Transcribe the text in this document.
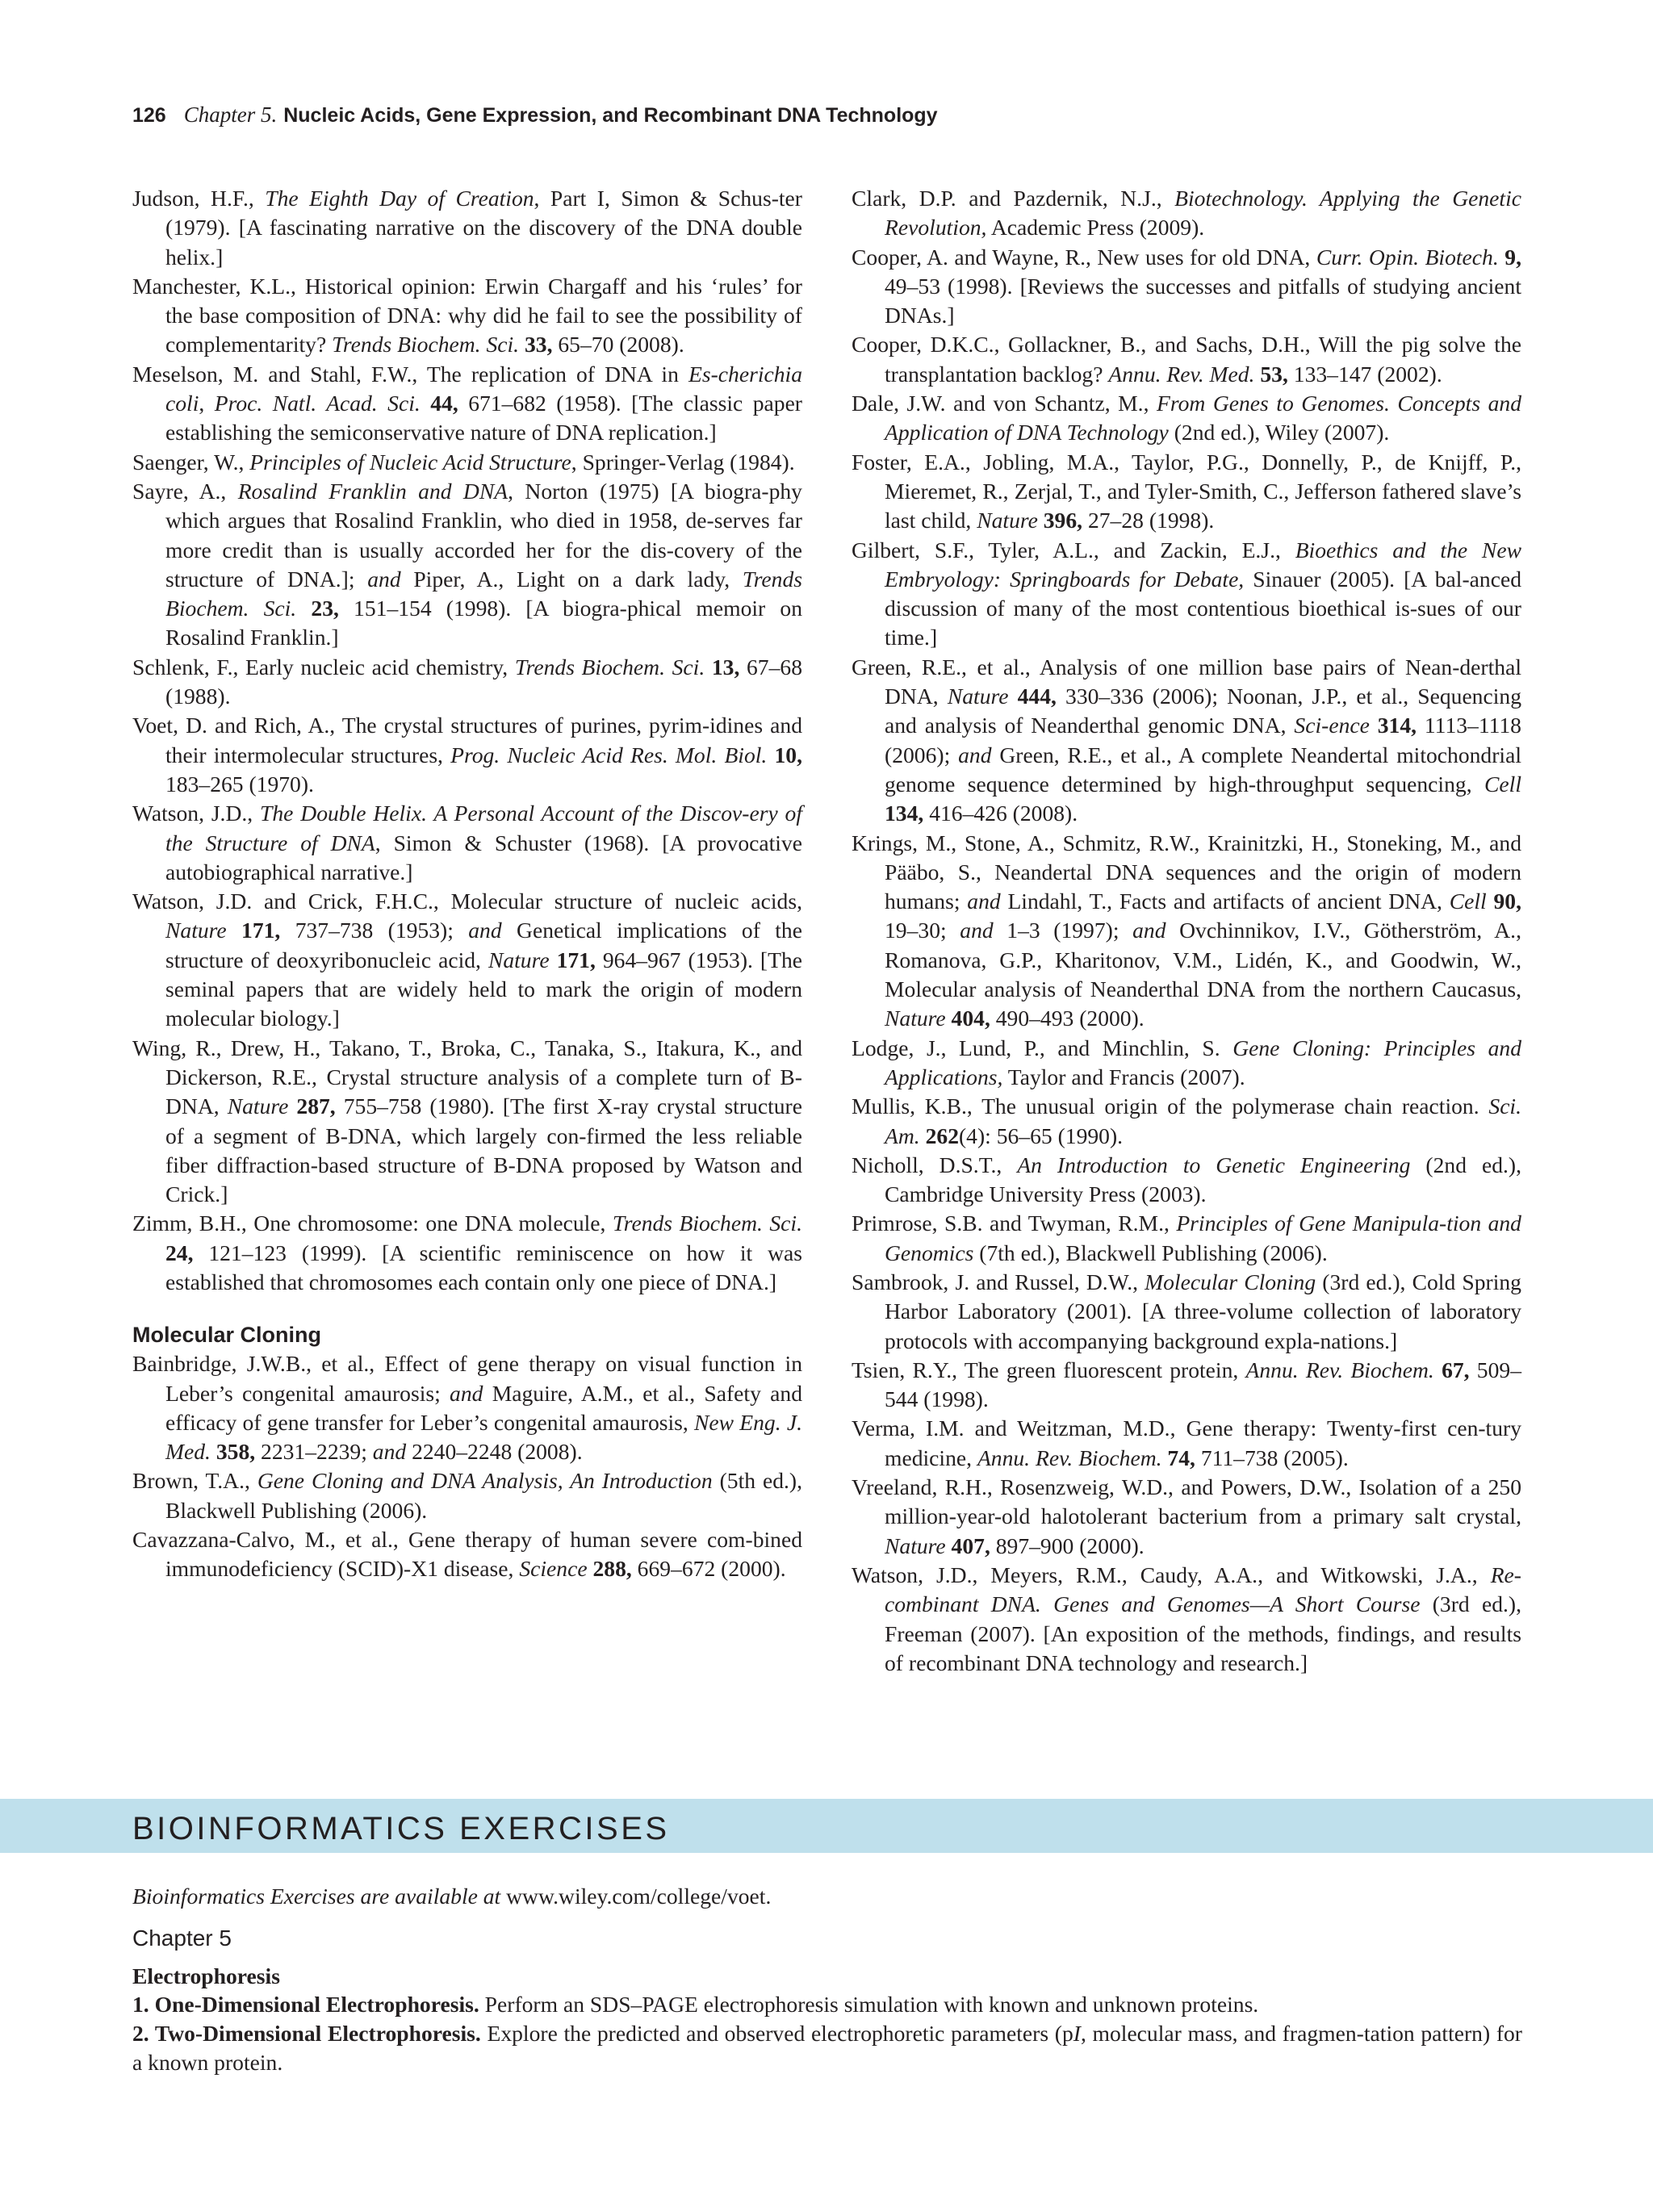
126 Chapter 5. Nucleic Acids, Gene Expression, and Recombinant DNA Technology

Judson, H.F., The Eighth Day of Creation, Part I, Simon & Schus-ter (1979). [A fascinating narrative on the discovery of the DNA double helix.]

Manchester, K.L., Historical opinion: Erwin Chargaff and his ‘rules’ for the base composition of DNA: why did he fail to see the possibility of complementarity? Trends Biochem. Sci. 33, 65–70 (2008).

Meselson, M. and Stahl, F.W., The replication of DNA in Es-cherichia coli, Proc. Natl. Acad. Sci. 44, 671–682 (1958). [The classic paper establishing the semiconservative nature of DNA replication.]

Saenger, W., Principles of Nucleic Acid Structure, Springer-Verlag (1984).

Sayre, A., Rosalind Franklin and DNA, Norton (1975) [A biogra-phy which argues that Rosalind Franklin, who died in 1958, de-serves far more credit than is usually accorded her for the dis-covery of the structure of DNA.]; and Piper, A., Light on a dark lady, Trends Biochem. Sci. 23, 151–154 (1998). [A biogra-phical memoir on Rosalind Franklin.]

Schlenk, F., Early nucleic acid chemistry, Trends Biochem. Sci. 13, 67–68 (1988).

Voet, D. and Rich, A., The crystal structures of purines, pyrim-idines and their intermolecular structures, Prog. Nucleic Acid Res. Mol. Biol. 10, 183–265 (1970).

Watson, J.D., The Double Helix. A Personal Account of the Discov-ery of the Structure of DNA, Simon & Schuster (1968). [A provocative autobiographical narrative.]

Watson, J.D. and Crick, F.H.C., Molecular structure of nucleic acids, Nature 171, 737–738 (1953); and Genetical implications of the structure of deoxyribonucleic acid, Nature 171, 964–967 (1953). [The seminal papers that are widely held to mark the origin of modern molecular biology.]

Wing, R., Drew, H., Takano, T., Broka, C., Tanaka, S., Itakura, K., and Dickerson, R.E., Crystal structure analysis of a complete turn of B-DNA, Nature 287, 755–758 (1980). [The first X-ray crystal structure of a segment of B-DNA, which largely con-firmed the less reliable fiber diffraction-based structure of B-DNA proposed by Watson and Crick.]

Zimm, B.H., One chromosome: one DNA molecule, Trends Biochem. Sci. 24, 121–123 (1999). [A scientific reminiscence on how it was established that chromosomes each contain only one piece of DNA.]

Molecular Cloning

Bainbridge, J.W.B., et al., Effect of gene therapy on visual function in Leber’s congenital amaurosis; and Maguire, A.M., et al., Safety and efficacy of gene transfer for Leber’s congenital amaurosis, New Eng. J. Med. 358, 2231–2239; and 2240–2248 (2008).

Brown, T.A., Gene Cloning and DNA Analysis, An Introduction (5th ed.), Blackwell Publishing (2006).

Cavazzana-Calvo, M., et al., Gene therapy of human severe com-bined immunodeficiency (SCID)-X1 disease, Science 288, 669–672 (2000).

Clark, D.P. and Pazdernik, N.J., Biotechnology. Applying the Genetic Revolution, Academic Press (2009).

Cooper, A. and Wayne, R., New uses for old DNA, Curr. Opin. Biotech. 9, 49–53 (1998). [Reviews the successes and pitfalls of studying ancient DNAs.]

Cooper, D.K.C., Gollackner, B., and Sachs, D.H., Will the pig solve the transplantation backlog? Annu. Rev. Med. 53, 133–147 (2002).

Dale, J.W. and von Schantz, M., From Genes to Genomes. Concepts and Application of DNA Technology (2nd ed.), Wiley (2007).

Foster, E.A., Jobling, M.A., Taylor, P.G., Donnelly, P., de Knijff, P., Mieremet, R., Zerjal, T., and Tyler-Smith, C., Jefferson fathered slave’s last child, Nature 396, 27–28 (1998).

Gilbert, S.F., Tyler, A.L., and Zackin, E.J., Bioethics and the New Embryology: Springboards for Debate, Sinauer (2005). [A bal-anced discussion of many of the most contentious bioethical is-sues of our time.]

Green, R.E., et al., Analysis of one million base pairs of Nean-derthal DNA, Nature 444, 330–336 (2006); Noonan, J.P., et al., Sequencing and analysis of Neanderthal genomic DNA, Sci-ence 314, 1113–1118 (2006); and Green, R.E., et al., A complete Neandertal mitochondrial genome sequence determined by high-throughput sequencing, Cell 134, 416–426 (2008).

Krings, M., Stone, A., Schmitz, R.W., Krainitzki, H., Stoneking, M., and Pääbo, S., Neandertal DNA sequences and the origin of modern humans; and Lindahl, T., Facts and artifacts of ancient DNA, Cell 90, 19–30; and 1–3 (1997); and Ovchinnikov, I.V., Götherström, A., Romanova, G.P., Kharitonov, V.M., Lidén, K., and Goodwin, W., Molecular analysis of Neanderthal DNA from the northern Caucasus, Nature 404, 490–493 (2000).

Lodge, J., Lund, P., and Minchlin, S. Gene Cloning: Principles and Applications, Taylor and Francis (2007).

Mullis, K.B., The unusual origin of the polymerase chain reaction. Sci. Am. 262(4): 56–65 (1990).

Nicholl, D.S.T., An Introduction to Genetic Engineering (2nd ed.), Cambridge University Press (2003).

Primrose, S.B. and Twyman, R.M., Principles of Gene Manipula-tion and Genomics (7th ed.), Blackwell Publishing (2006).

Sambrook, J. and Russel, D.W., Molecular Cloning (3rd ed.), Cold Spring Harbor Laboratory (2001). [A three-volume collection of laboratory protocols with accompanying background expla-nations.]

Tsien, R.Y., The green fluorescent protein, Annu. Rev. Biochem. 67, 509–544 (1998).

Verma, I.M. and Weitzman, M.D., Gene therapy: Twenty-first cen-tury medicine, Annu. Rev. Biochem. 74, 711–738 (2005).

Vreeland, R.H., Rosenzweig, W.D., and Powers, D.W., Isolation of a 250 million-year-old halotolerant bacterium from a primary salt crystal, Nature 407, 897–900 (2000).

Watson, J.D., Meyers, R.M., Caudy, A.A., and Witkowski, J.A., Re-combinant DNA. Genes and Genomes—A Short Course (3rd ed.), Freeman (2007). [An exposition of the methods, findings, and results of recombinant DNA technology and research.]

BIOINFORMATICS EXERCISES
Bioinformatics Exercises are available at www.wiley.com/college/voet.
Chapter 5
Electrophoresis
1. One-Dimensional Electrophoresis. Perform an SDS–PAGE electrophoresis simulation with known and unknown proteins.
2. Two-Dimensional Electrophoresis. Explore the predicted and observed electrophoretic parameters (pI, molecular mass, and fragmen-tation pattern) for a known protein.
